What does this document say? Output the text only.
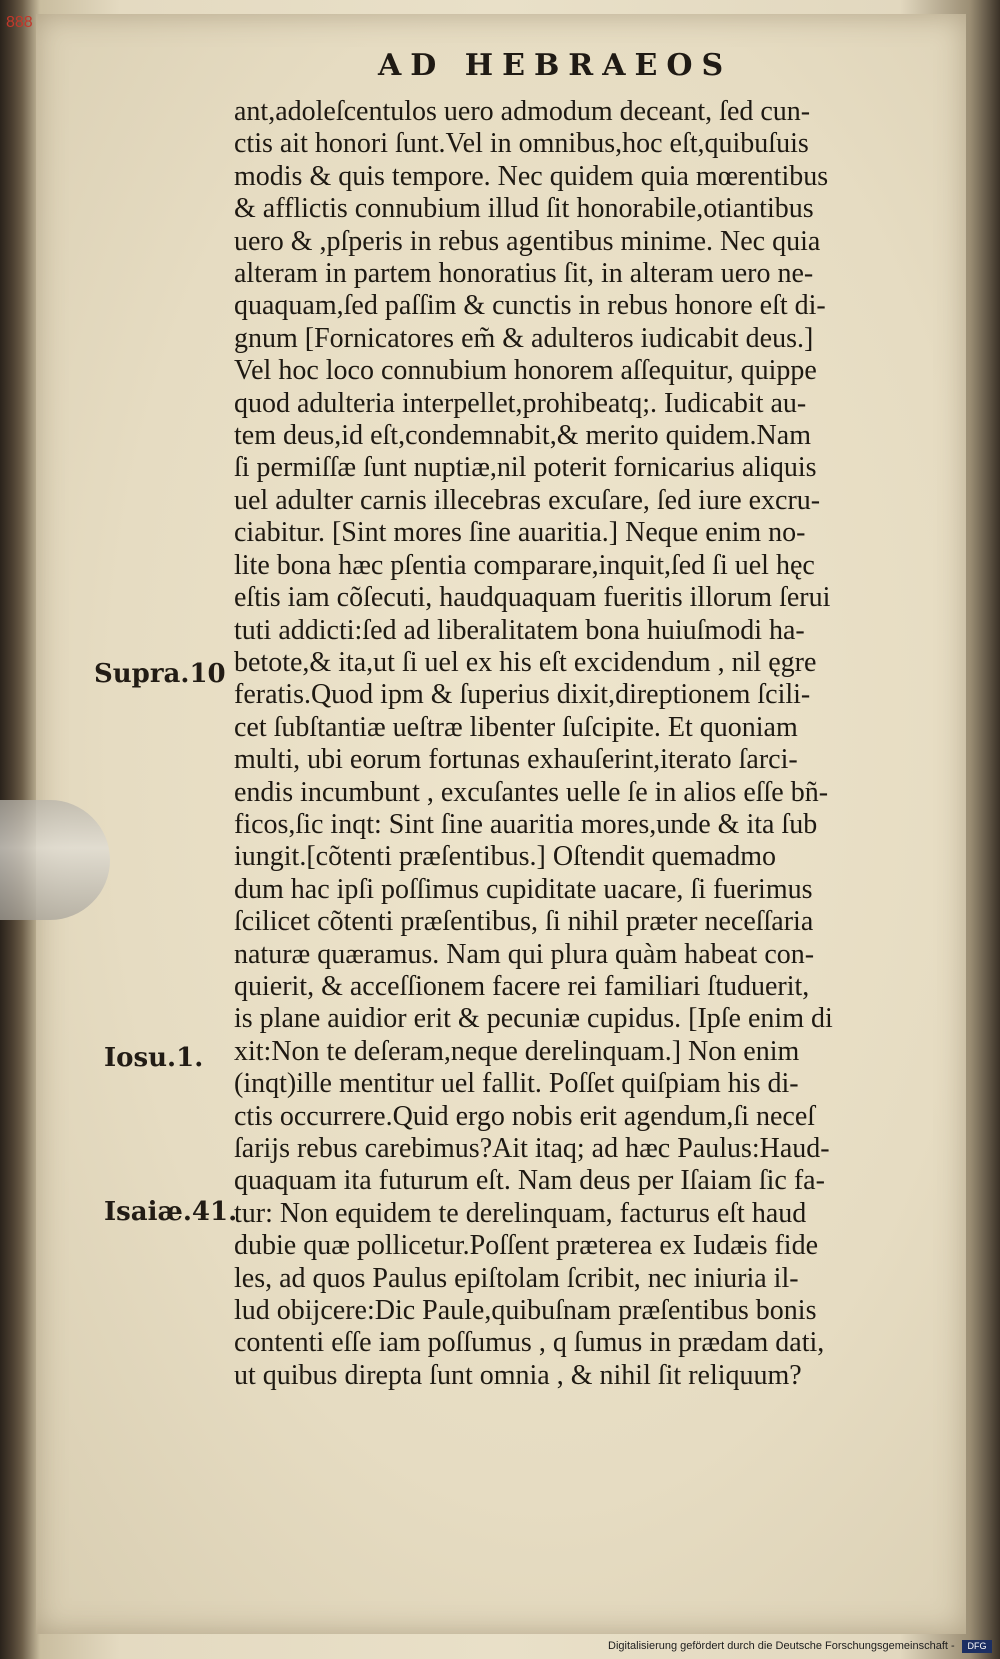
888
AD HEBRAEOS
ant,adoleſcentulos uero admodum deceant, ſed cun-
ctis ait honori ſunt.Vel in omnibus,hoc eſt,quibuſuis
modis & quis tempore. Nec quidem quia mœrentibus
& afflictis connubium illud ſit honorabile,otiantibus
uero & ,pſperis in rebus agentibus minime. Nec quia
alteram in partem honoratius ſit, in alteram uero ne-
quaquam,ſed paſſim & cunctis in rebus honore eſt di-
gnum [Fornicatores em̃ & adulteros iudicabit deus.]
Vel hoc loco connubium honorem aſſequitur, quippe
quod adulteria interpellet,prohibeatq;. Iudicabit au-
tem deus,id eſt,condemnabit,& merito quidem.Nam
ſi permiſſæ ſunt nuptiæ,nil poterit fornicarius aliquis
uel adulter carnis illecebras excuſare, ſed iure excru-
ciabitur. [Sint mores ſine auaritia.] Neque enim no-
lite bona hæc pſentia comparare,inquit,ſed ſi uel hęc
eſtis iam cõſecuti, haudquaquam fueritis illorum ſerui
tuti addicti:ſed ad liberalitatem bona huiuſmodi ha-
betote,& ita,ut ſi uel ex his eſt excidendum , nil ęgre
feratis.Quod ipm & ſuperius dixit,direptionem ſcili-
cet ſubſtantiæ ueſtræ libenter ſuſcipite. Et quoniam
multi, ubi eorum fortunas exhauſerint,iterato ſarci-
endis incumbunt , excuſantes uelle ſe in alios eſſe bñ-
ficos,ſic inqt: Sint ſine auaritia mores,unde & ita ſub
iungit.[cõtenti præſentibus.] Oſtendit quemadmo
dum hac ipſi poſſimus cupiditate uacare, ſi fuerimus
ſcilicet cõtenti præſentibus, ſi nihil præter neceſſaria
naturæ quæramus. Nam qui plura quàm habeat con-
quierit, & acceſſionem facere rei familiari ſtuduerit,
is plane auidior erit & pecuniæ cupidus. [Ipſe enim di
xit:Non te deſeram,neque derelinquam.] Non enim
(inqt)ille mentitur uel fallit. Poſſet quiſpiam his di-
ctis occurrere.Quid ergo nobis erit agendum,ſi neceſ
ſarijs rebus carebimus?Ait itaq; ad hæc Paulus:Haud-
quaquam ita futurum eſt. Nam deus per Iſaiam ſic fa-
tur: Non equidem te derelinquam, facturus eſt haud
dubie quæ pollicetur.Poſſent præterea ex Iudæis fide
les, ad quos Paulus epiſtolam ſcribit, nec iniuria il-
lud obijcere:Dic Paule,quibuſnam præſentibus bonis
contenti eſſe iam poſſumus , q ſumus in prædam dati,
ut quibus direpta ſunt omnia , & nihil ſit reliquum?
Supra.10
Iosu.1.
Isaiæ.41.
Digitalisierung gefördert durch die Deutsche Forschungsgemeinschaft -	DFG
